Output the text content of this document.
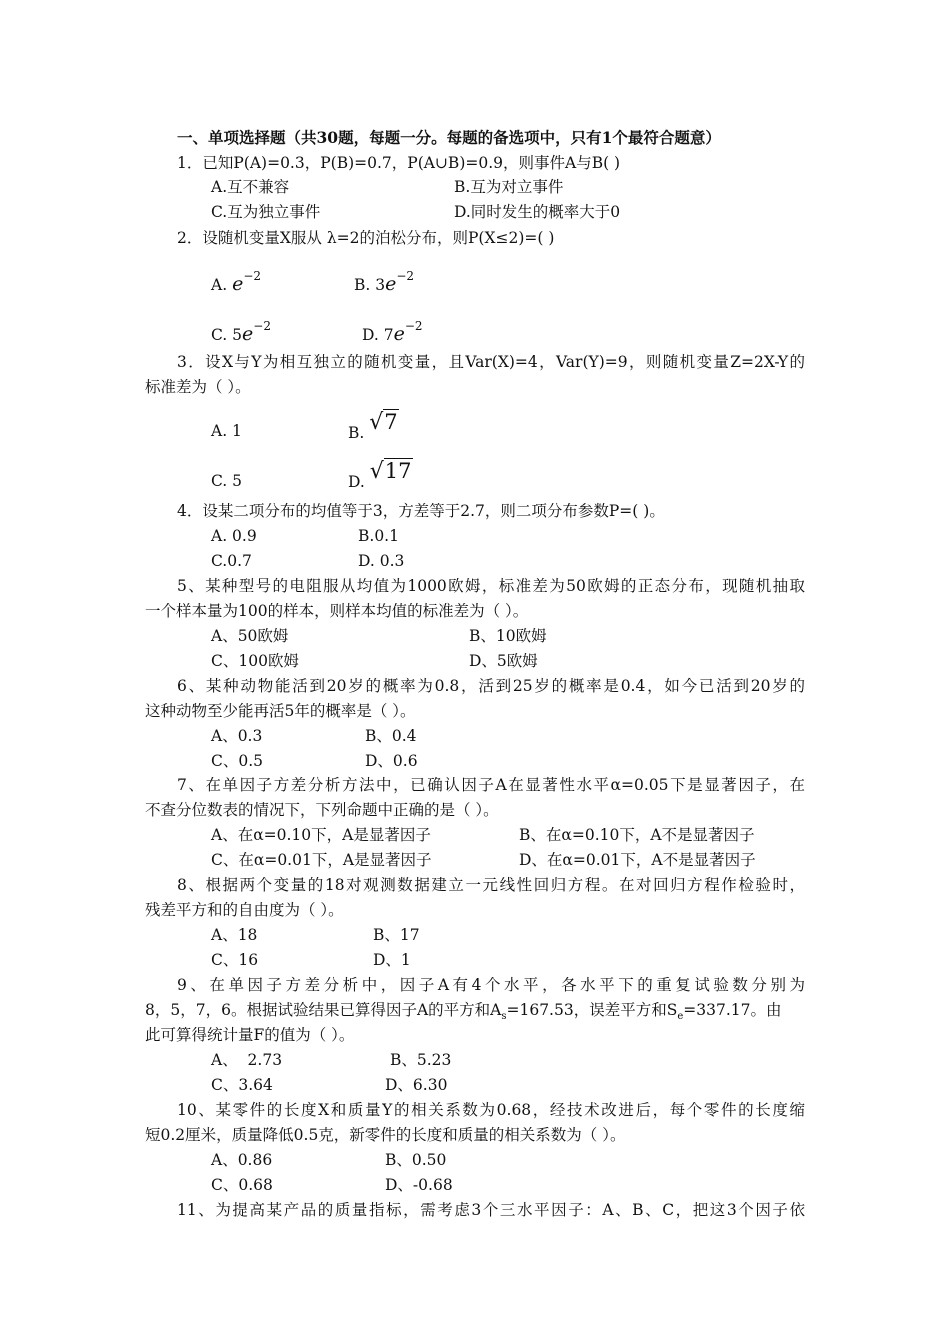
一、单项选择题（共30题，每题一分。每题的备选项中，只有1个最符合题意）
1．已知P(A)=0.3，P(B)=0.7，P(A∪B)=0.9，则事件A与B( )
A.互不兼容	B.互为对立事件
C.互为独立事件	D.同时发生的概率大于0
2．设随机变量X服从 λ=2的泊松分布，则P(X≤2)=( )
A. $e^{-2}$	B. $3e^{-2}$
C. $5e^{-2}$	D. $7e^{-2}$
3．设X与Y为相互独立的随机变量，且Var(X)=4，Var(Y)=9，则随机变量Z=2X-Y的
标准差为（ ）。
A. 1	B. √7
C. 5	D. √17
4．设某二项分布的均值等于3，方差等于2.7，则二项分布参数P=( )。
A. 0.9	B.0.1
C.0.7	D. 0.3
5、某种型号的电阻服从均值为1000欧姆，标准差为50欧姆的正态分布，现随机抽取
一个样本量为100的样本，则样本均值的标准差为（ ）。
A、50欧姆	B、10欧姆
C、100欧姆	D、5欧姆
6、某种动物能活到20岁的概率为0.8，活到25岁的概率是0.4，如今已活到20岁的
这种动物至少能再活5年的概率是（ ）。
A、0.3	B、0.4
C、0.5	D、0.6
7、在单因子方差分析方法中，已确认因子A在显著性水平α=0.05下是显著因子，在
不查分位数表的情况下，下列命题中正确的是（ ）。
A、在α=0.10下，A是显著因子	B、在α=0.10下，A不是显著因子
C、在α=0.01下，A是显著因子	D、在α=0.01下，A不是显著因子
8、根据两个变量的18对观测数据建立一元线性回归方程。在对回归方程作检验时，
残差平方和的自由度为（ ）。
A、18	B、17
C、16	D、1
9、在单因子方差分析中，因子A有4个水平，各水平下的重复试验数分别为
8，5，7，6。根据试验结果已算得因子A的平方和$A_s=167.53$，误差平方和$S_e=337.17$。由
此可算得统计量F的值为（ ）。
A、  2.73	B、5.23
C、3.64	D、6.30
10、某零件的长度X和质量Y的相关系数为0.68，经技术改进后，每个零件的长度缩
短0.2厘米，质量降低0.5克，新零件的长度和质量的相关系数为（ ）。
A、0.86	B、0.50
C、0.68	D、-0.68
11、为提高某产品的质量指标，需考虑3个三水平因子：A、B、C，把这3个因子依
